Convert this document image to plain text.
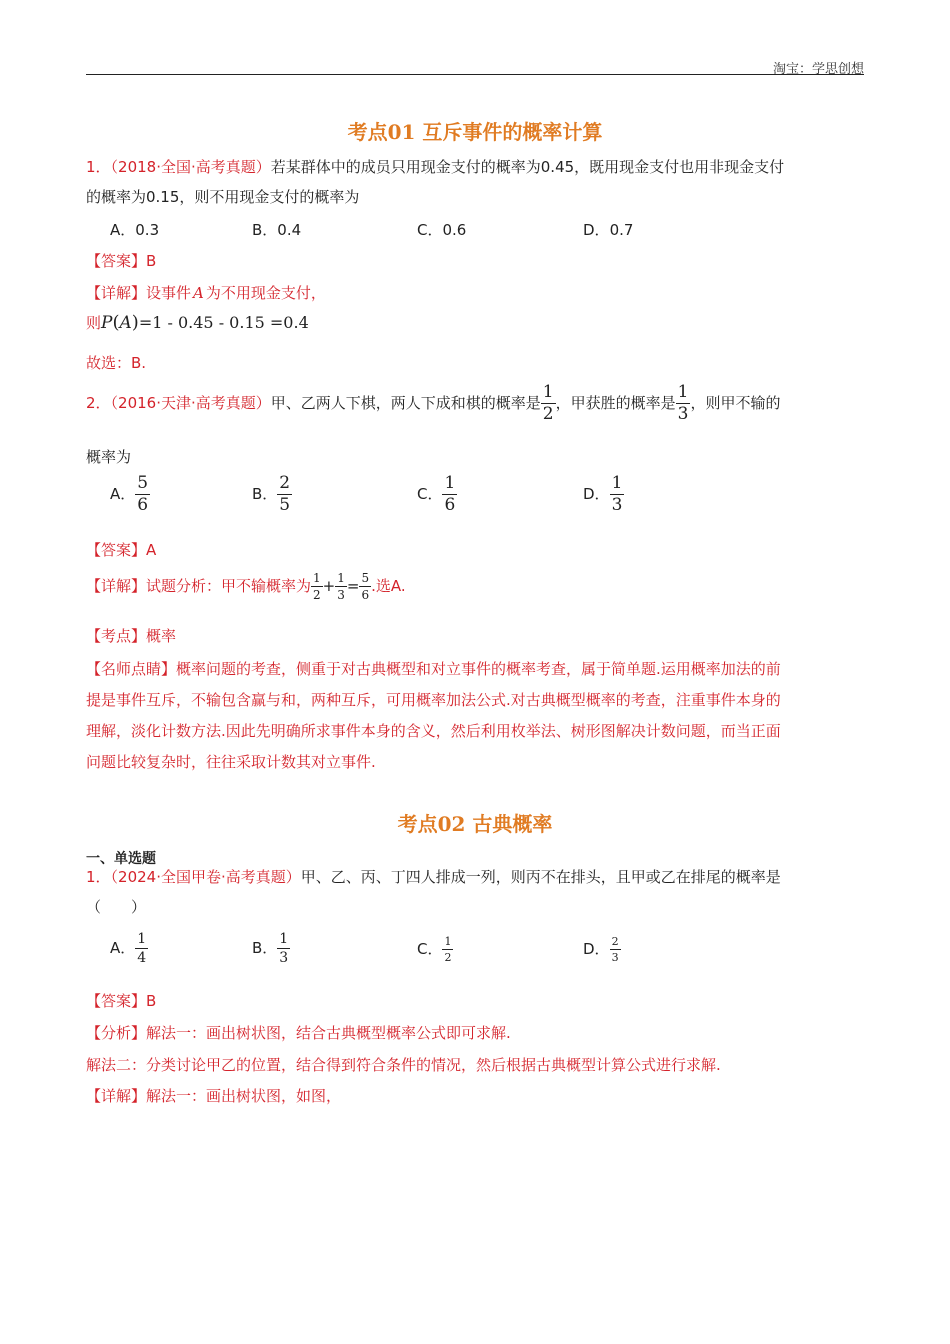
淘宝：学思创想
考点01 互斥事件的概率计算
1．（2018·全国·高考真题）若某群体中的成员只用现金支付的概率为0.45，既用现金支付也用非现金支付
的概率为0.15，则不用现金支付的概率为
A．0.3	B．0.4	C．0.6	D．0.7
【答案】B
【详解】设事件 A 为不用现金支付，
则P(A)=1 - 0.45 - 0.15 =0.4
故选：B.
2．（2016·天津·高考真题）甲、乙两人下棋，两人下成和棋的概率是 $\frac{1}{2}$ ，甲获胜的概率是 $\frac{1}{3}$ ，则甲不输的
概率为
A． $\frac{5}{6}$	B． $\frac{2}{5}$	C． $\frac{1}{6}$	D． $\frac{1}{3}$
【答案】A
【详解】试题分析：甲不输概率为 $\frac{1}{2} + \frac{1}{3} = \frac{5}{6}$ .选A.
【考点】概率
【名师点睛】概率问题的考查，侧重于对古典概型和对立事件的概率考查，属于简单题.运用概率加法的前
提是事件互斥，不输包含赢与和，两种互斥，可用概率加法公式.对古典概型概率的考查，注重事件本身的
理解，淡化计数方法.因此先明确所求事件本身的含义，然后利用枚举法、树形图解决计数问题，而当正面
问题比较复杂时，往往采取计数其对立事件.
考点02 古典概率
一、单选题
1．（2024·全国甲卷·高考真题）甲、乙、丙、丁四人排成一列，则丙不在排头，且甲或乙在排尾的概率是
（　　）
A． $\frac{1}{4}$	B． $\frac{1}{3}$	C． $\frac{1}{2}$	D． $\frac{2}{3}$
【答案】B
【分析】解法一：画出树状图，结合古典概型概率公式即可求解.
解法二：分类讨论甲乙的位置，结合得到符合条件的情况，然后根据古典概型计算公式进行求解.
【详解】解法一：画出树状图，如图，
